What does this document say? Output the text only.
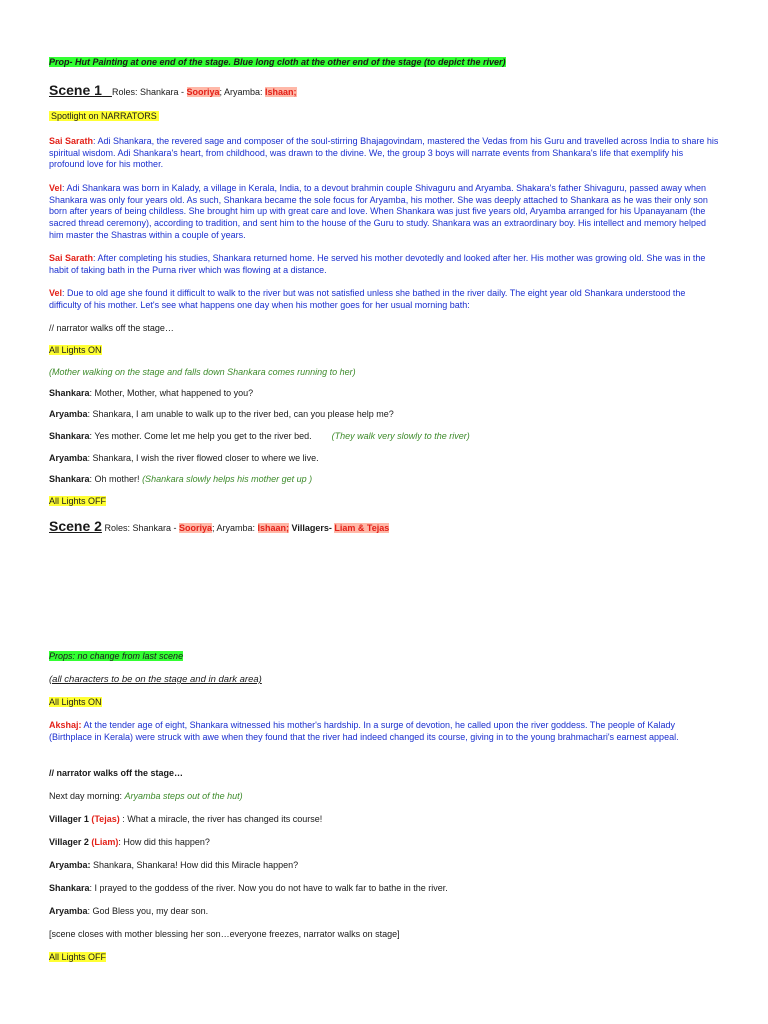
Prop- Hut Painting at one end of the stage. Blue long cloth at the other end of the stage (to depict the river)

Scene 1 Roles: Shankara - Sooriya; Aryamba: Ishaan;

Spotlight on NARRATORS

Sai Sarath: Adi Shankara, the revered sage and composer of the soul-stirring Bhajagovindam, mastered the Vedas from his Guru and travelled across India to share his spiritual wisdom. Adi Shankara's heart, from childhood, was drawn to the divine. We, the group 3 boys will narrate events from Shankara's life that exemplify his profound love for his mother.

Vel: Adi Shankara was born in Kalady, a village in Kerala, India, to a devout brahmin couple Shivaguru and Aryamba. Shakara's father Shivaguru, passed away when Shankara was only four years old. As such, Shankara became the sole focus for Aryamba, his mother. She was deeply attached to Shankara as he was their only son born after years of being childless. She brought him up with great care and love. When Shankara was just five years old, Aryamba arranged for his Upanayanam (the sacred thread ceremony), according to tradition, and sent him to the house of the Guru to study. Shankara was an extraordinary boy. His intellect and memory helped him master the Shastras within a couple of years.

Sai Sarath: After completing his studies, Shankara returned home. He served his mother devotedly and looked after her. His mother was growing old. She was in the habit of taking bath in the Purna river which was flowing at a distance.

Vel: Due to old age she found it difficult to walk to the river but was not satisfied unless she bathed in the river daily. The eight year old Shankara understood the difficulty of his mother. Let's see what happens one day when his mother goes for her usual morning bath:

// narrator walks off the stage…

All Lights ON

(Mother walking on the stage and falls down Shankara comes running to her)

Shankara: Mother, Mother, what happened to you?

Aryamba: Shankara, I am unable to walk up to the river bed, can you please help me?

Shankara: Yes mother. Come let me help you get to the river bed. (They walk very slowly to the river)

Aryamba: Shankara, I wish the river flowed closer to where we live.

Shankara: Oh mother! (Shankara slowly helps his mother get up )

All Lights OFF

Scene 2 Roles: Shankara - Sooriya; Aryamba: Ishaan; Villagers- Liam & Tejas

Props: no change from last scene

(all characters to be on the stage and in dark area)

All Lights ON

Akshaj: At the tender age of eight, Shankara witnessed his mother's hardship. In a surge of devotion, he called upon the river goddess. The people of Kalady (Birthplace in Kerala) were struck with awe when they found that the river had indeed changed its course, giving in to the young brahmachari's earnest appeal.

// narrator walks off the stage…

Next day morning: Aryamba steps out of the hut)

Villager 1 (Tejas) : What a miracle, the river has changed its course!

Villager 2 (Liam): How did this happen?

Aryamba: Shankara, Shankara! How did this Miracle happen?

Shankara: I prayed to the goddess of the river. Now you do not have to walk far to bathe in the river.

Aryamba: God Bless you, my dear son.

[scene closes with mother blessing her son…everyone freezes, narrator walks on stage]

All Lights OFF
